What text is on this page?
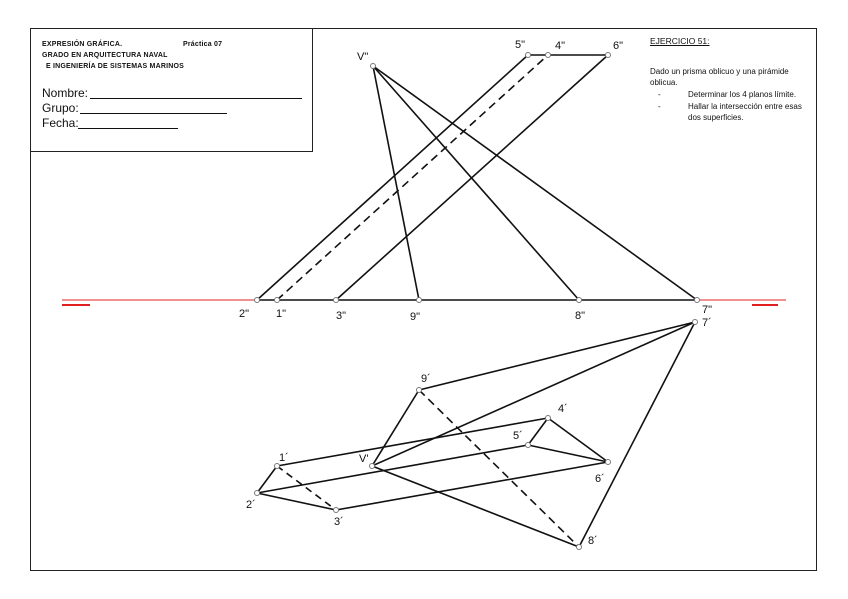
EXPRESIÓN GRÁFICA.	Práctica 07
GRADO EN ARQUITECTURA NAVAL
E INGENIERÍA DE SISTEMAS MARINOS
Nombre:
Grupo:
Fecha:
EJERCICIO 51:
Dado un prisma oblicuo y una pirámide oblicua.
-	Determinar los 4 planos límite.
-	Hallar la intersección entre esas dos superficies.
V"
5"	4"	6"
2" 1"	3"	9"	8"	7"
7´
9´
4´
5´
1´	V'
6´
2´
3´
8´
